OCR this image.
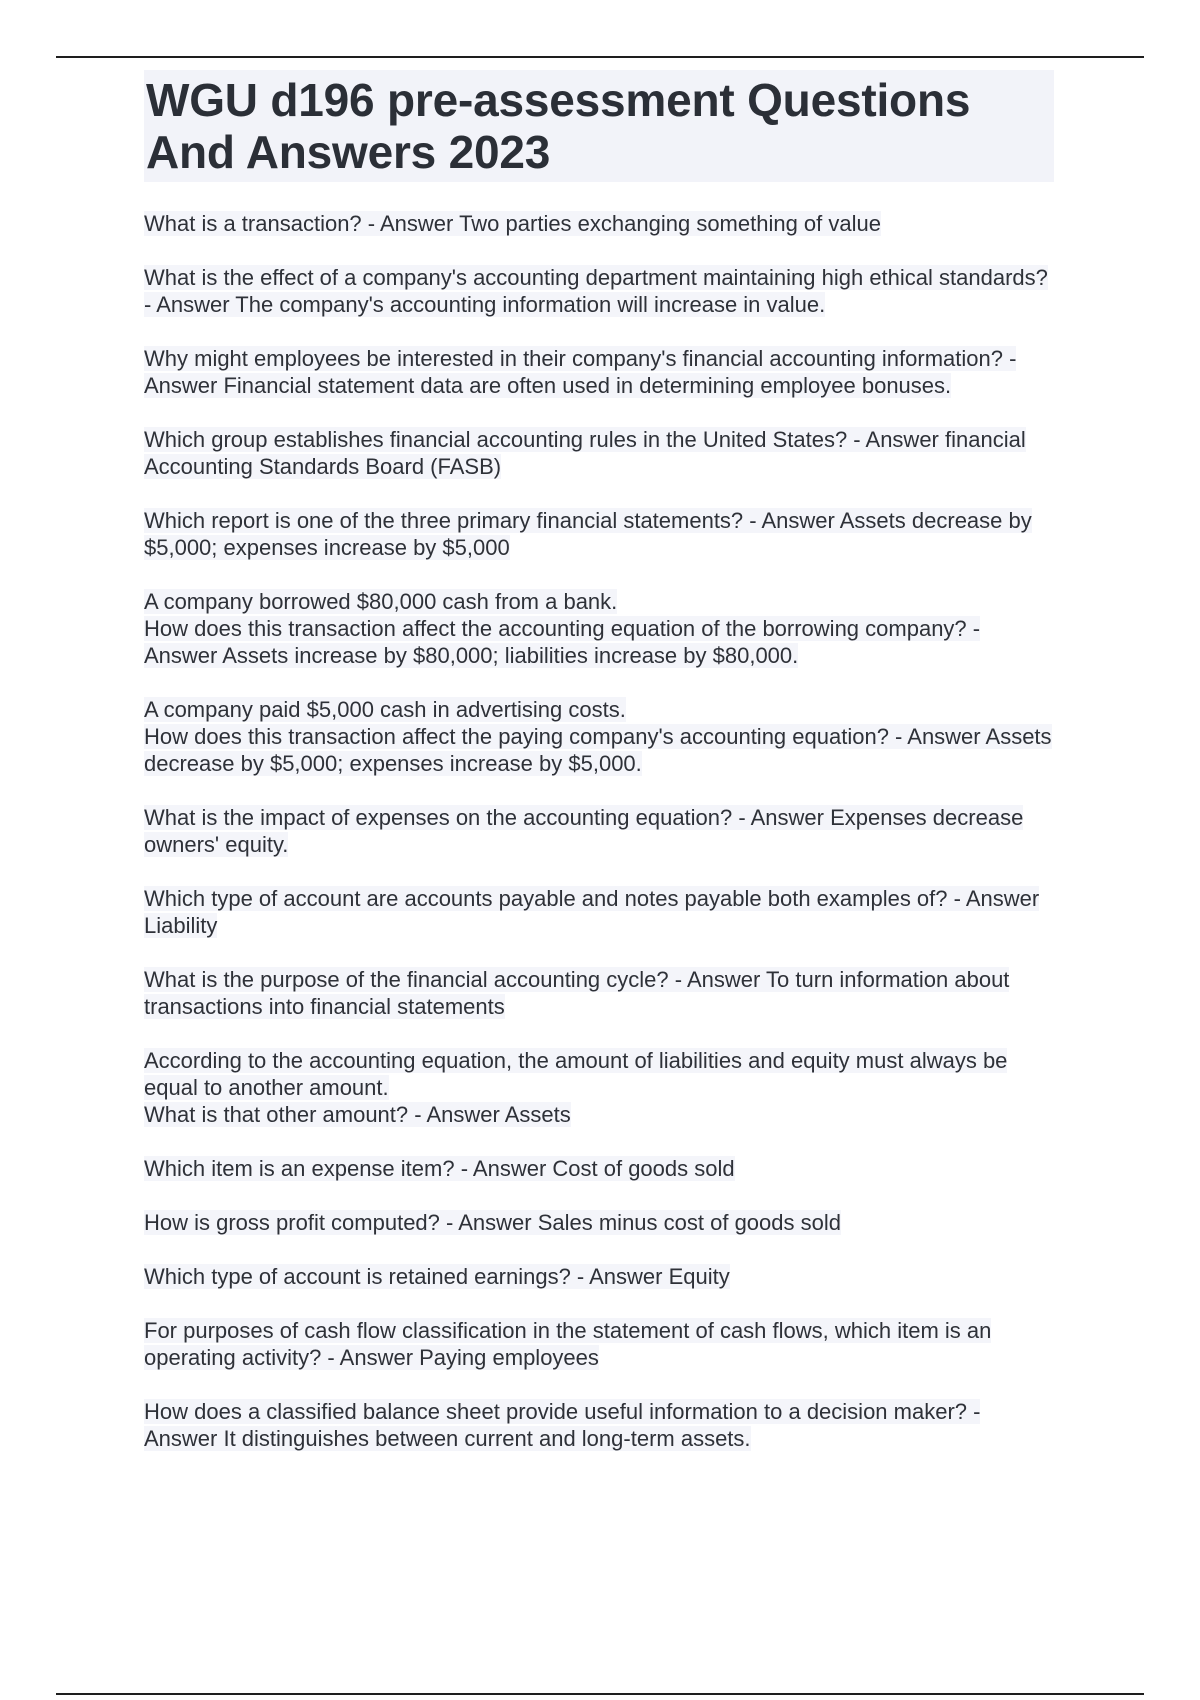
WGU d196 pre-assessment Questions And Answers 2023

What is a transaction? - Answer Two parties exchanging something of value

What is the effect of a company's accounting department maintaining high ethical standards? - Answer The company's accounting information will increase in value.

Why might employees be interested in their company's financial accounting information? - Answer Financial statement data are often used in determining employee bonuses.

Which group establishes financial accounting rules in the United States? - Answer financial Accounting Standards Board (FASB)

Which report is one of the three primary financial statements? - Answer Assets decrease by $5,000; expenses increase by $5,000

A company borrowed $80,000 cash from a bank.
How does this transaction affect the accounting equation of the borrowing company? - Answer Assets increase by $80,000; liabilities increase by $80,000.

A company paid $5,000 cash in advertising costs.
How does this transaction affect the paying company's accounting equation? - Answer Assets decrease by $5,000; expenses increase by $5,000.

What is the impact of expenses on the accounting equation? - Answer Expenses decrease owners' equity.

Which type of account are accounts payable and notes payable both examples of? - Answer Liability

What is the purpose of the financial accounting cycle? - Answer To turn information about transactions into financial statements

According to the accounting equation, the amount of liabilities and equity must always be equal to another amount.
What is that other amount? - Answer Assets

Which item is an expense item? - Answer Cost of goods sold

How is gross profit computed? - Answer Sales minus cost of goods sold

Which type of account is retained earnings? - Answer Equity

For purposes of cash flow classification in the statement of cash flows, which item is an operating activity? - Answer Paying employees

How does a classified balance sheet provide useful information to a decision maker? - Answer It distinguishes between current and long-term assets.
